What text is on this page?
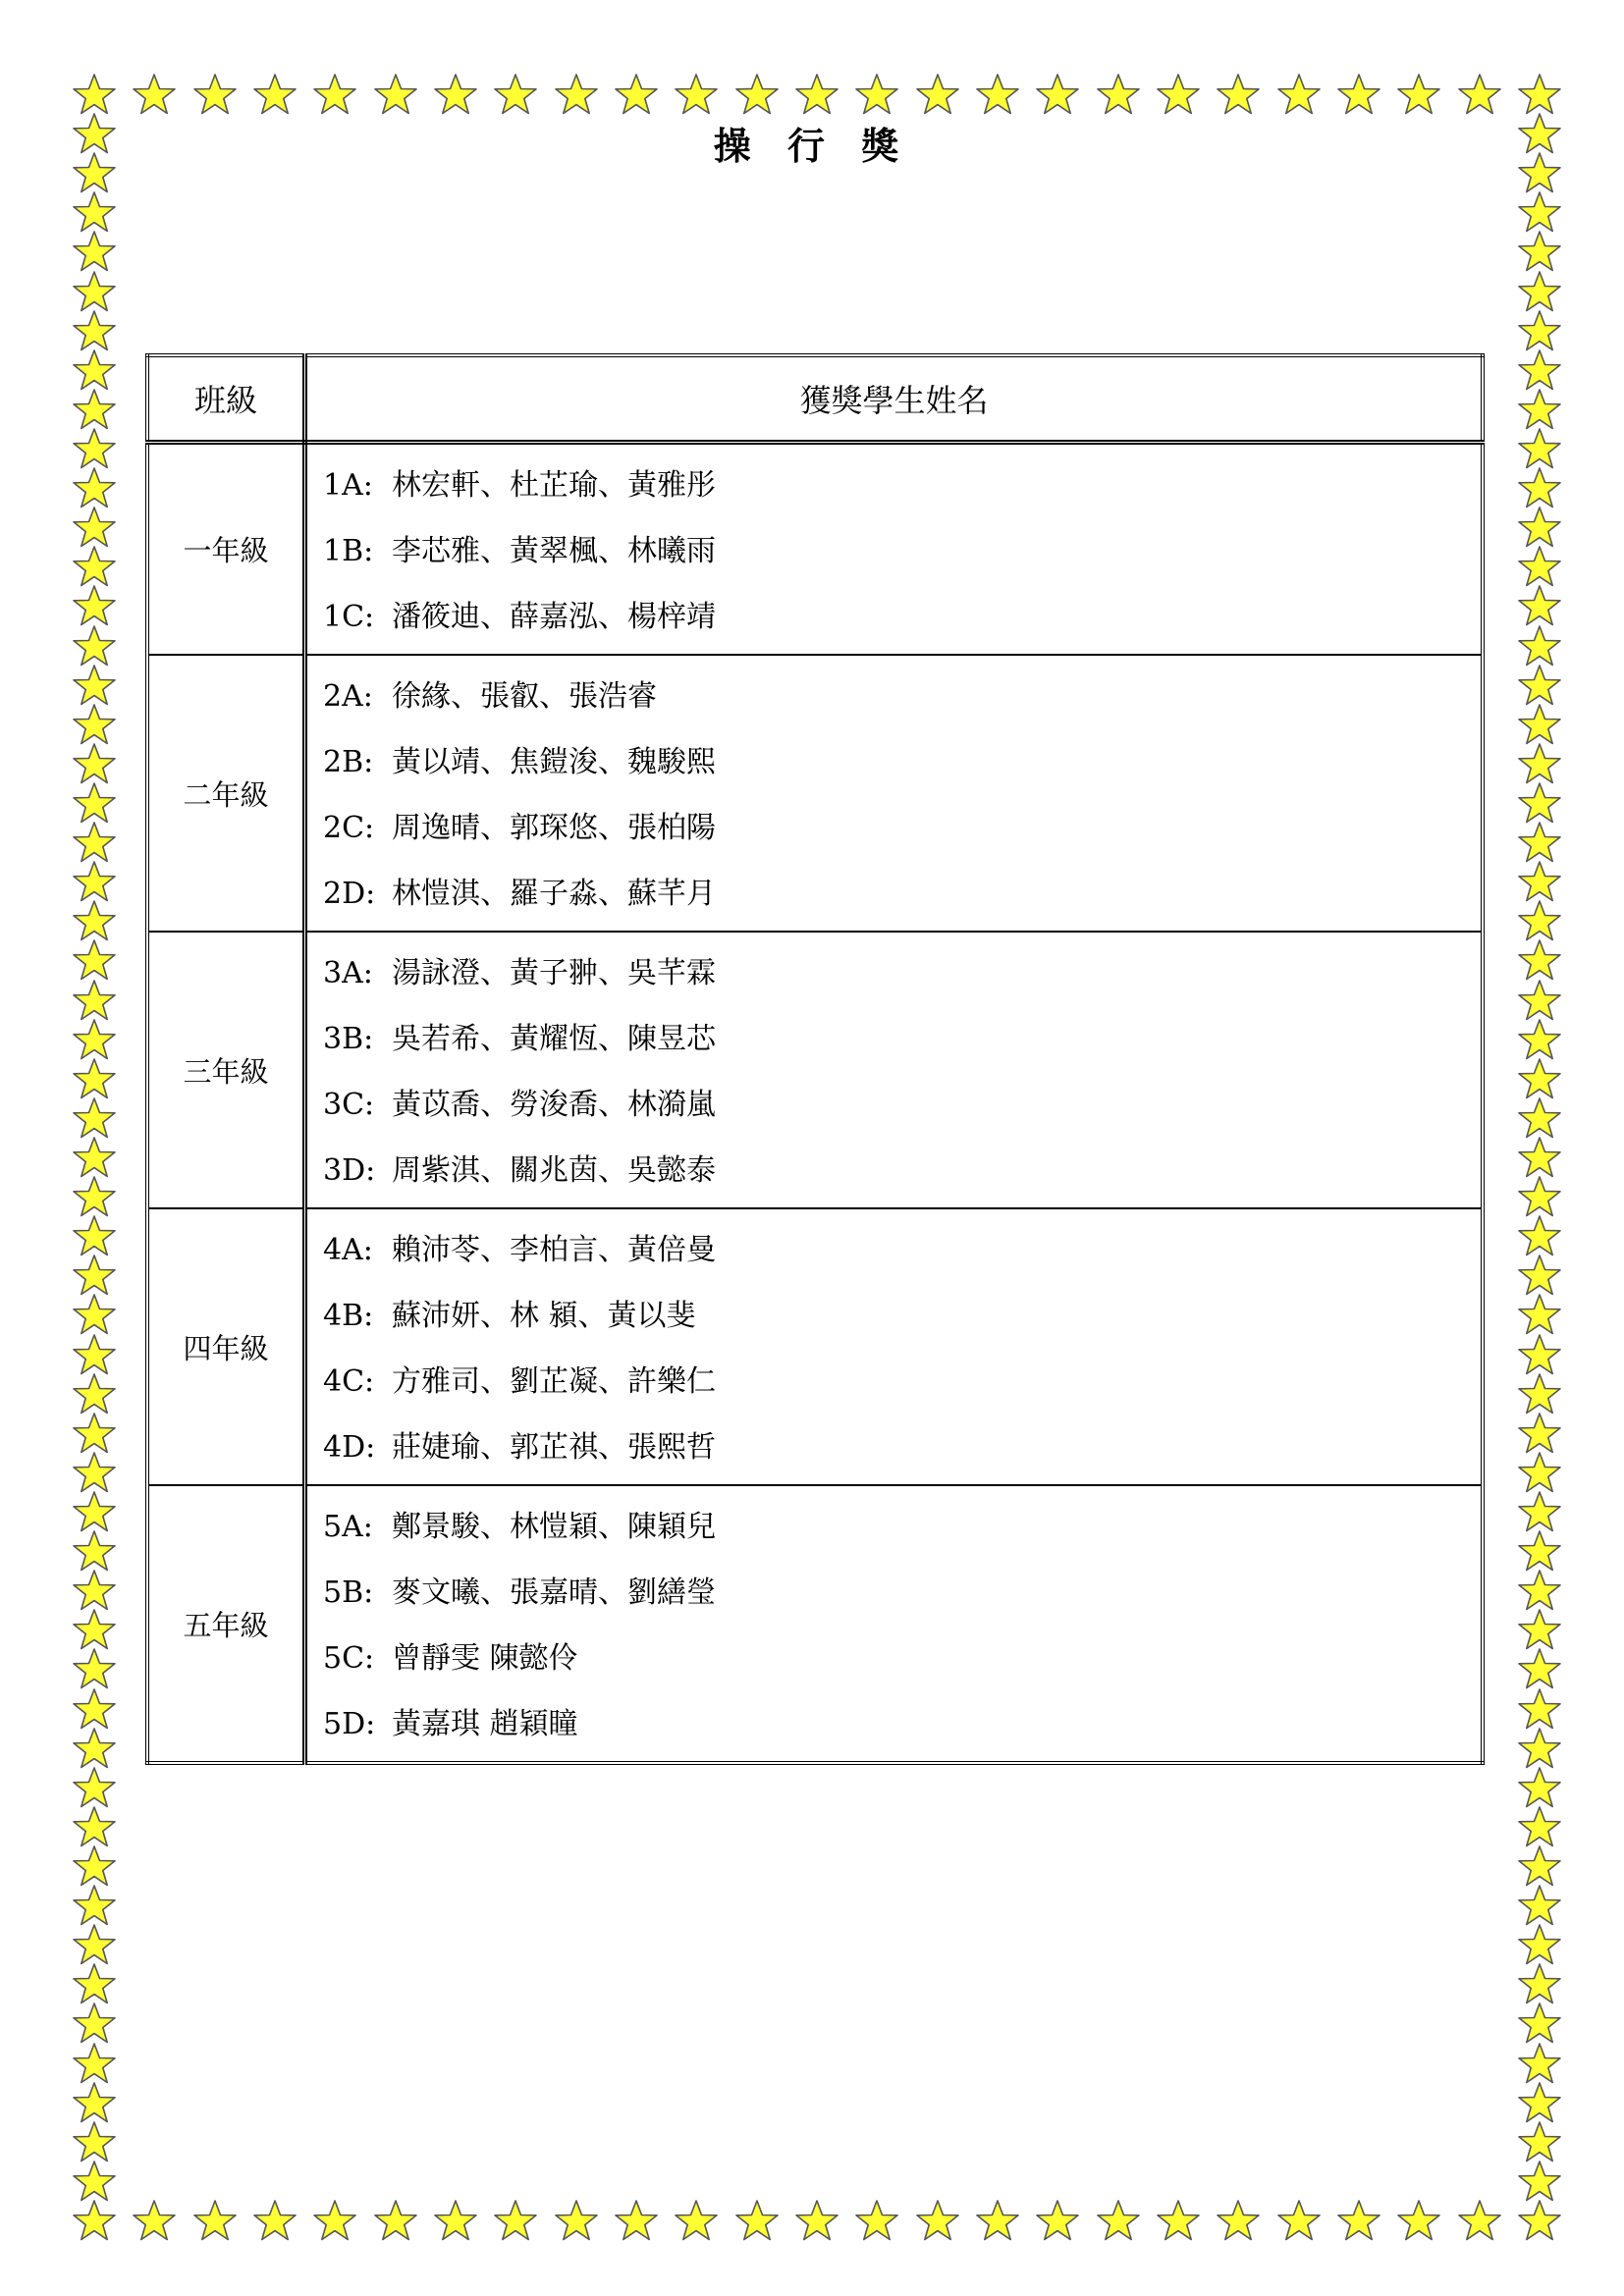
操 行 獎
班級	獲獎學生姓名
一年級	1A: 林宏軒、杜芷瑜、黃雅彤
1B: 李芯雅、黃翠楓、林曦雨
1C: 潘筱迪、薛嘉泓、楊梓靖

二年級	2A: 徐緣、張叡、張浩睿
2B: 黃以靖、焦鎧浚、魏駿熙
2C: 周逸晴、郭琛悠、張柏陽
2D: 林愷淇、羅子淼、蘇芊月

三年級	3A: 湯詠澄、黃子翀、吳芊霖
3B: 吳若希、黃耀恆、陳昱芯
3C: 黃苡喬、勞浚喬、林漪嵐
3D: 周紫淇、關兆茵、吳懿泰

四年級	4A: 賴沛苓、李柏言、黃倍曼
4B: 蘇沛妍、林 潁、黃以斐
4C: 方雅司、劉芷凝、許樂仁
4D: 莊婕瑜、郭芷祺、張熙哲

五年級	5A: 鄭景駿、林愷穎、陳穎兒
5B: 麥文曦、張嘉晴、劉繕瑩
5C: 曾靜雯 陳懿伶
5D: 黃嘉琪 趙穎瞳
